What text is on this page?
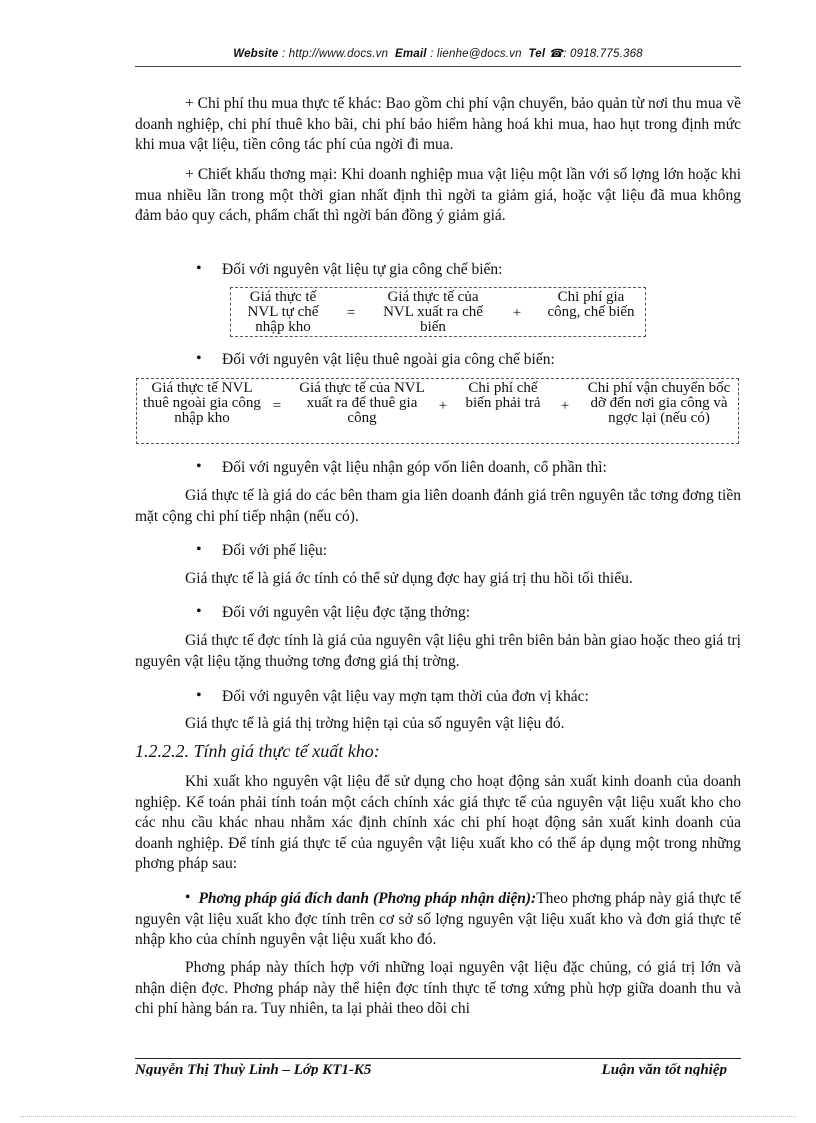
Website : http://www.docs.vn Email : lienhe@docs.vn Tel ☎: 0918.775.368
+ Chi phí thu mua thực tế khác: Bao gồm chi phí vận chuyển, bảo quản từ nơi thu mua về doanh nghiệp, chi phí thuê kho bãi, chi phí bảo hiểm hàng hoá khi mua, hao hụt trong định mức khi mua vật liệu, tiền công tác phí của ngời đi mua.
+ Chiết khấu thơng mại: Khi doanh nghiệp mua vật liệu một lần với số lợng lớn hoặc khi mua nhiều lần trong một thời gian nhất định thì ngời ta giảm giá, hoặc vật liệu đã mua không đảm bảo quy cách, phẩm chất thì ngời bán đồng ý giảm giá.
• Đối với nguyên vật liệu tự gia công chế biến:
Giá thực tế NVL tự chế nhập kho
=
Giá thực tế của NVL xuất ra chế biến
+
Chi phí gia công, chế biến
• Đối với nguyên vật liệu thuê ngoài gia công chế biến:
Giá thực tế NVL thuê ngoài gia công nhập kho
=
Giá thực tế của NVL xuất ra để thuê gia công
+
Chi phí chế biến phải trả	+
Chi phí vận chuyển bốc dỡ đến nơi gia công và ngợc lại (nếu có)
• Đối với nguyên vật liệu nhận góp vốn liên doanh, cổ phần thì:
Giá thực tế là giá do các bên tham gia liên doanh đánh giá trên nguyên tắc tơng đơng tiền mặt cộng chi phí tiếp nhận (nếu có).
• Đối với phế liệu:
Giá thực tế là giá ớc tính có thể sử dụng đợc hay giá trị thu hồi tối thiểu.
• Đối với nguyên vật liệu đợc tặng thởng:
Giá thực tế đợc tính là giá của nguyên vật liệu ghi trên biên bản bàn giao hoặc theo giá trị nguyên vật liệu tặng thuởng tơng đơng giá thị trờng.
• Đối với nguyên vật liệu vay mợn tạm thời của đơn vị khác:
Giá thực tế là giá thị trờng hiện tại của số nguyên vật liệu đó.
1.2.2.2. Tính giá thực tế xuất kho:
Khi xuất kho nguyên vật liệu để sử dụng cho hoạt động sản xuất kinh doanh của doanh nghiệp. Kế toán phải tính toán một cách chính xác giá thực tế của nguyên vật liệu xuất kho cho các nhu cầu khác nhau nhằm xác định chính xác chi phí hoạt động sản xuất kinh doanh của doanh nghiệp. Để tính giá thực tế của nguyên vật liệu xuất kho có thể áp dụng một trong những phơng pháp sau:
• Phơng pháp giá đích danh (Phơng pháp nhận diện):Theo phơng pháp này giá thực tế nguyên vật liệu xuất kho đợc tính trên cơ sở số lợng nguyên vật liệu xuất kho và đơn giá thực tế nhập kho của chính nguyên vật liệu xuất kho đó.
Phơng pháp này thích hợp với những loại nguyên vật liệu đặc chủng, có giá trị lớn và nhận diện đợc. Phơng pháp này thể hiện đợc tính thực tế tơng xứng phù hợp giữa doanh thu và chi phí hàng bán ra. Tuy nhiên, ta lại phải theo dõi chi
Nguyễn Thị Thuỳ Linh – Lớp KT1-K5	Luận văn tốt nghiệp
